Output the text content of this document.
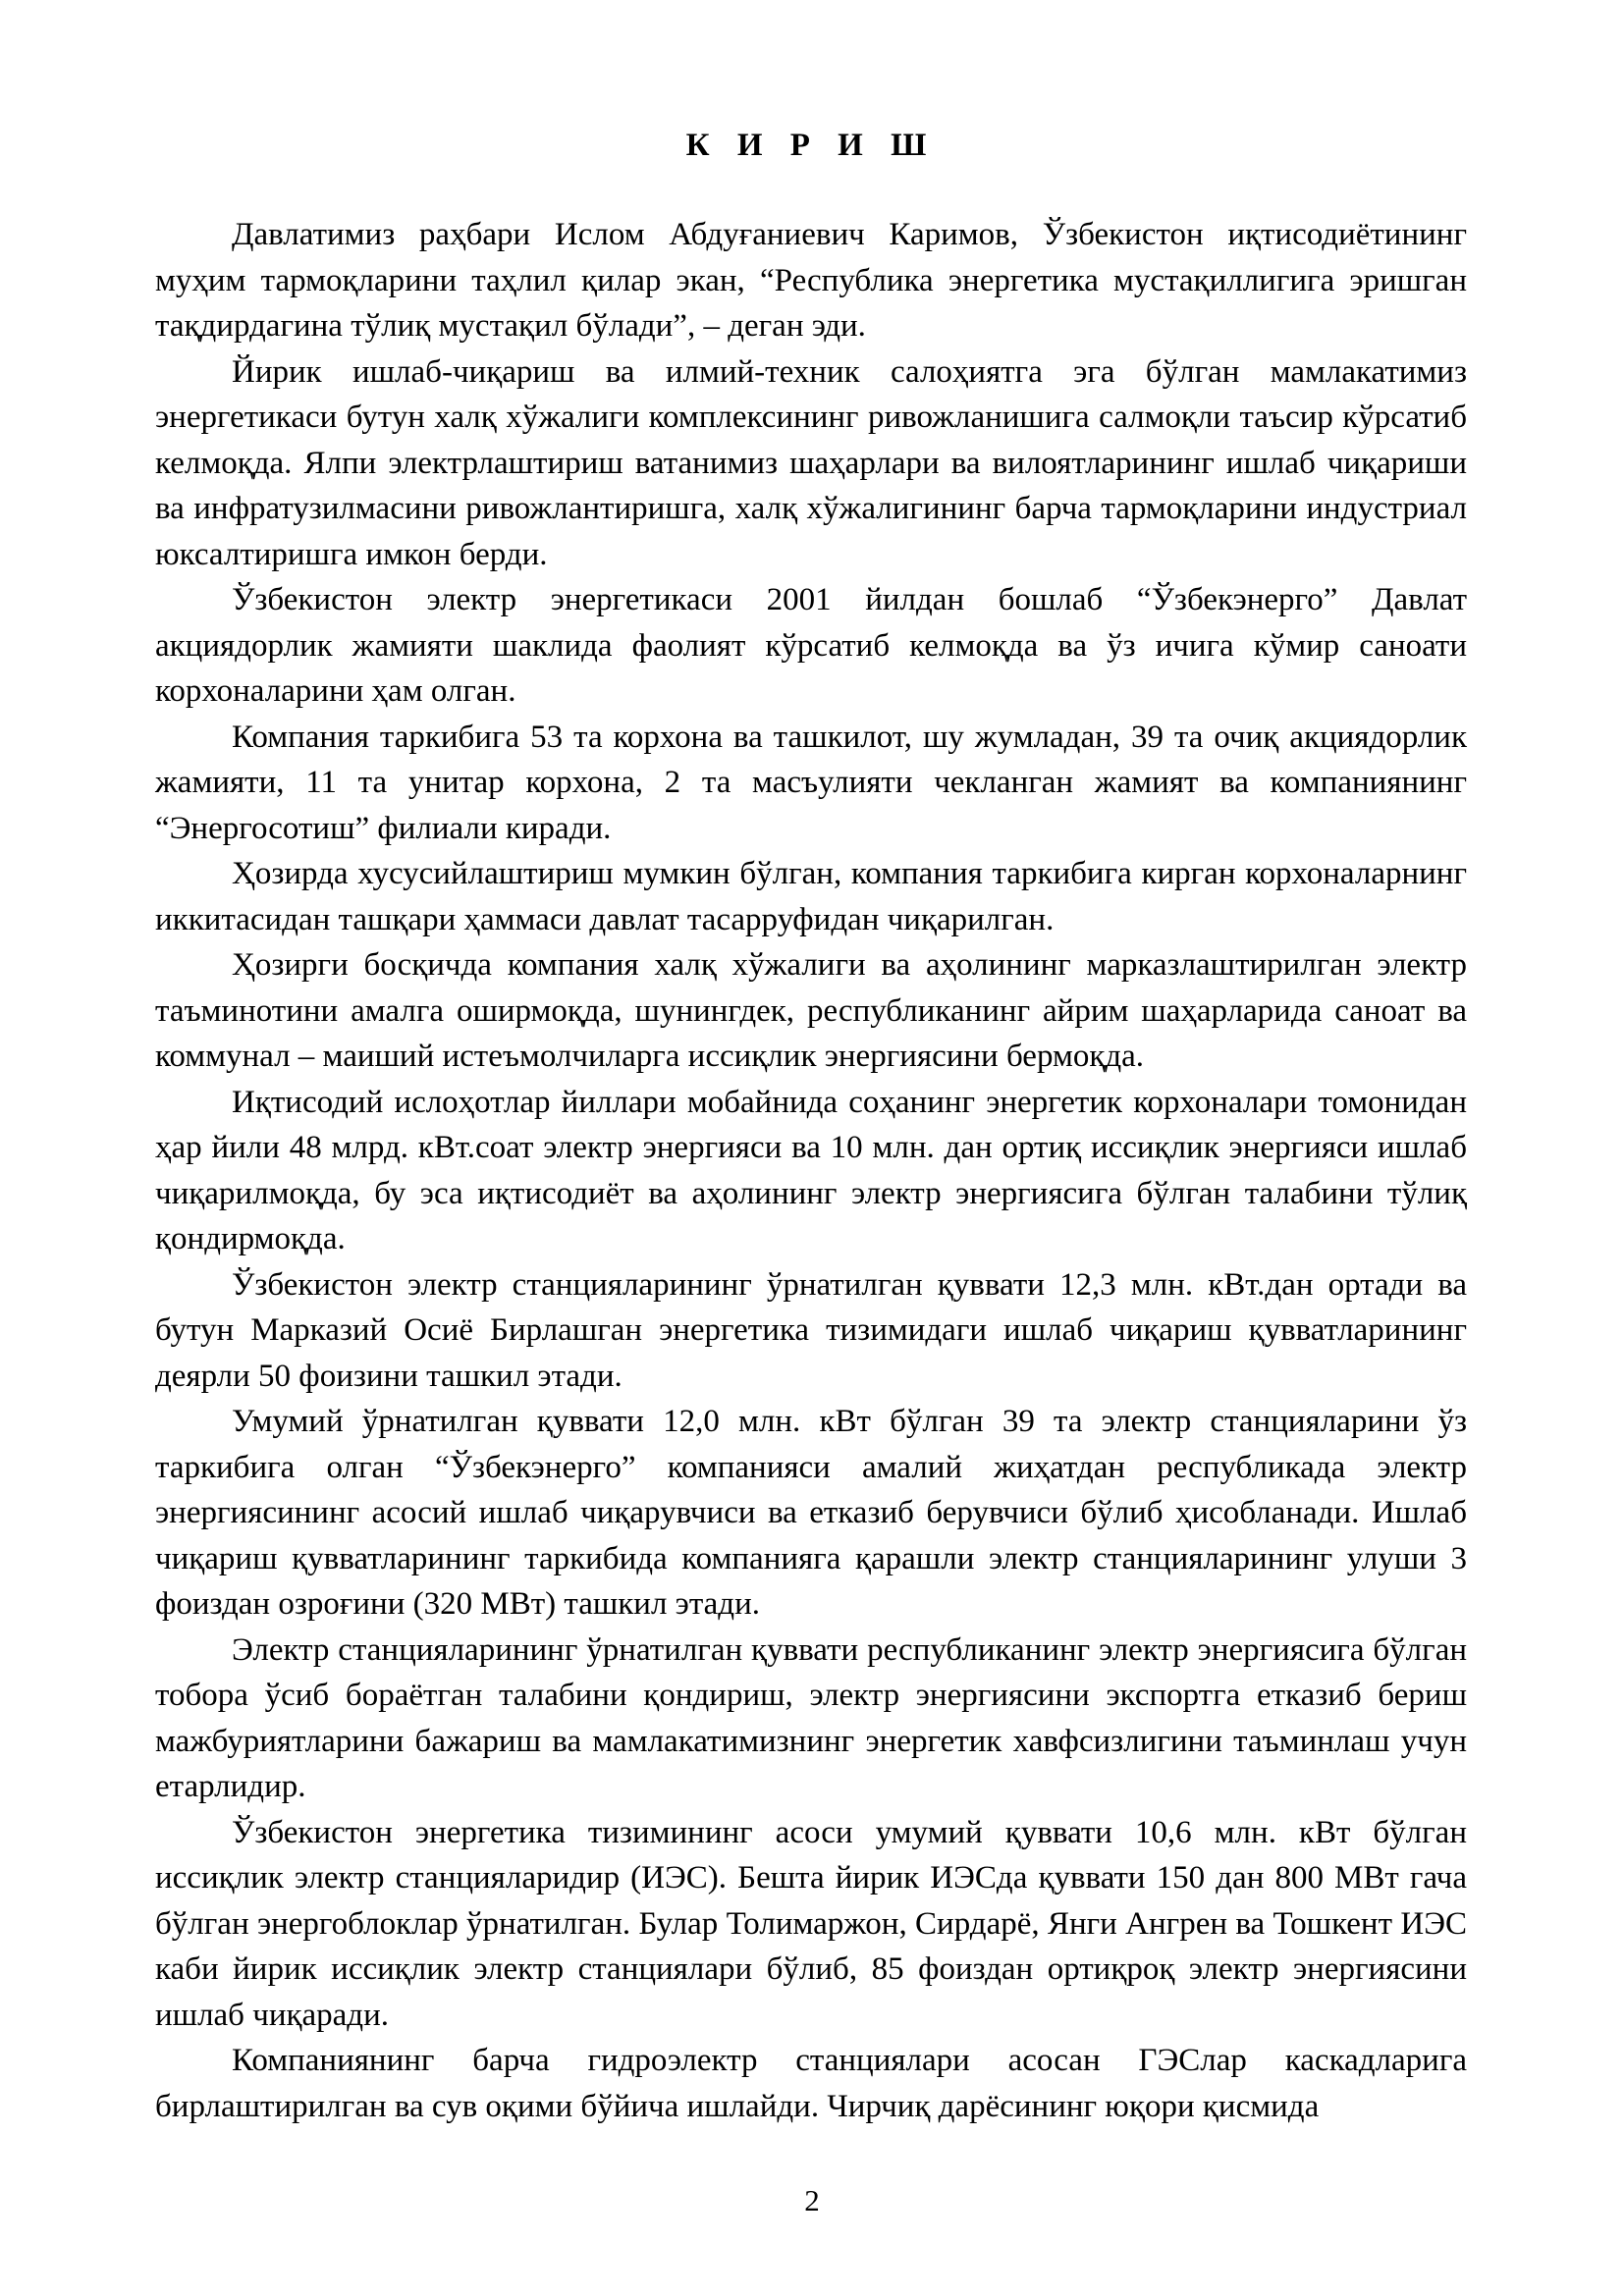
К И Р И Ш

Давлатимиз раҳбари Ислом Абдуғаниевич Каримов, Ўзбекистон иқтисодиётининг муҳим тармоқларини таҳлил қилар экан, “Республика энергетика мустақиллигига эришган тақдирдагина тўлиқ мустақил бўлади”, – деган эди.

Йирик ишлаб-чиқариш ва илмий-техник салоҳиятга эга бўлган мамлакатимиз энергетикаси бутун халқ хўжалиги комплексининг ривожланишига салмоқли таъсир кўрсатиб келмоқда. Ялпи электрлаштириш ватанимиз шаҳарлари ва вилоятларининг ишлаб чиқариши ва инфратузилмасини ривожлантиришга, халқ хўжалигининг барча тармоқларини индустриал юксалтиришга имкон берди.

Ўзбекистон электр энергетикаси 2001 йилдан бошлаб “Ўзбекэнерго” Давлат акциядорлик жамияти шаклида фаолият кўрсатиб келмоқда ва ўз ичига кўмир саноати корхоналарини ҳам олган.

Компания таркибига 53 та корхона ва ташкилот, шу жумладан, 39 та очиқ акциядорлик жамияти, 11 та унитар корхона, 2 та масъулияти чекланган жамият ва компаниянинг “Энергосотиш” филиали киради.

Ҳозирда хусусийлаштириш мумкин бўлган, компания таркибига кирган корхоналарнинг иккитасидан ташқари ҳаммаси давлат тасарруфидан чиқарилган.

Ҳозирги босқичда компания халқ хўжалиги ва аҳолининг марказлаштирилган электр таъминотини амалга оширмоқда, шунингдек, республиканинг айрим шаҳарларида саноат ва коммунал – маиший истеъмолчиларга иссиқлик энергиясини бермоқда.

Иқтисодий ислоҳотлар йиллари мобайнида соҳанинг энергетик корхоналари томонидан ҳар йили 48 млрд. кВт.соат электр энергияси ва 10 млн. дан ортиқ иссиқлик энергияси ишлаб чиқарилмоқда, бу эса иқтисодиёт ва аҳолининг электр энергиясига бўлган талабини тўлиқ қондирмоқда.

Ўзбекистон электр станцияларининг ўрнатилган қуввати 12,3 млн. кВт.дан ортади ва бутун Марказий Осиё Бирлашган энергетика тизимидаги ишлаб чиқариш қувватларининг деярли 50 фоизини ташкил этади.

Умумий ўрнатилган қуввати 12,0 млн. кВт бўлган 39 та электр станцияларини ўз таркибига олган “Ўзбекэнерго” компанияси амалий жиҳатдан республикада электр энергиясининг асосий ишлаб чиқарувчиси ва етказиб берувчиси бўлиб ҳисобланади. Ишлаб чиқариш қувватларининг таркибида компанияга қарашли электр станцияларининг улуши 3 фоиздан озроғини (320 МВт) ташкил этади.

Электр станцияларининг ўрнатилган қуввати республиканинг электр энергиясига бўлган тобора ўсиб бораётган талабини қондириш, электр энергиясини экспортга етказиб бериш мажбуриятларини бажариш ва мамлакатимизнинг энергетик хавфсизлигини таъминлаш учун етарлидир.

Ўзбекистон энергетика тизимининг асоси умумий қуввати 10,6 млн. кВт бўлган иссиқлик электр станцияларидир (ИЭС). Бешта йирик ИЭСда қуввати 150 дан 800 МВт гача бўлган энергоблоклар ўрнатилган. Булар Толимаржон, Сирдарё, Янги Ангрен ва Тошкент ИЭС каби йирик иссиқлик электр станциялари бўлиб, 85 фоиздан ортиқроқ электр энергиясини ишлаб чиқаради.

Компаниянинг барча гидроэлектр станциялари асосан ГЭСлар каскадларига бирлаштирилган ва сув оқими бўйича ишлайди. Чирчиқ дарёсининг юқори қисмида

2
